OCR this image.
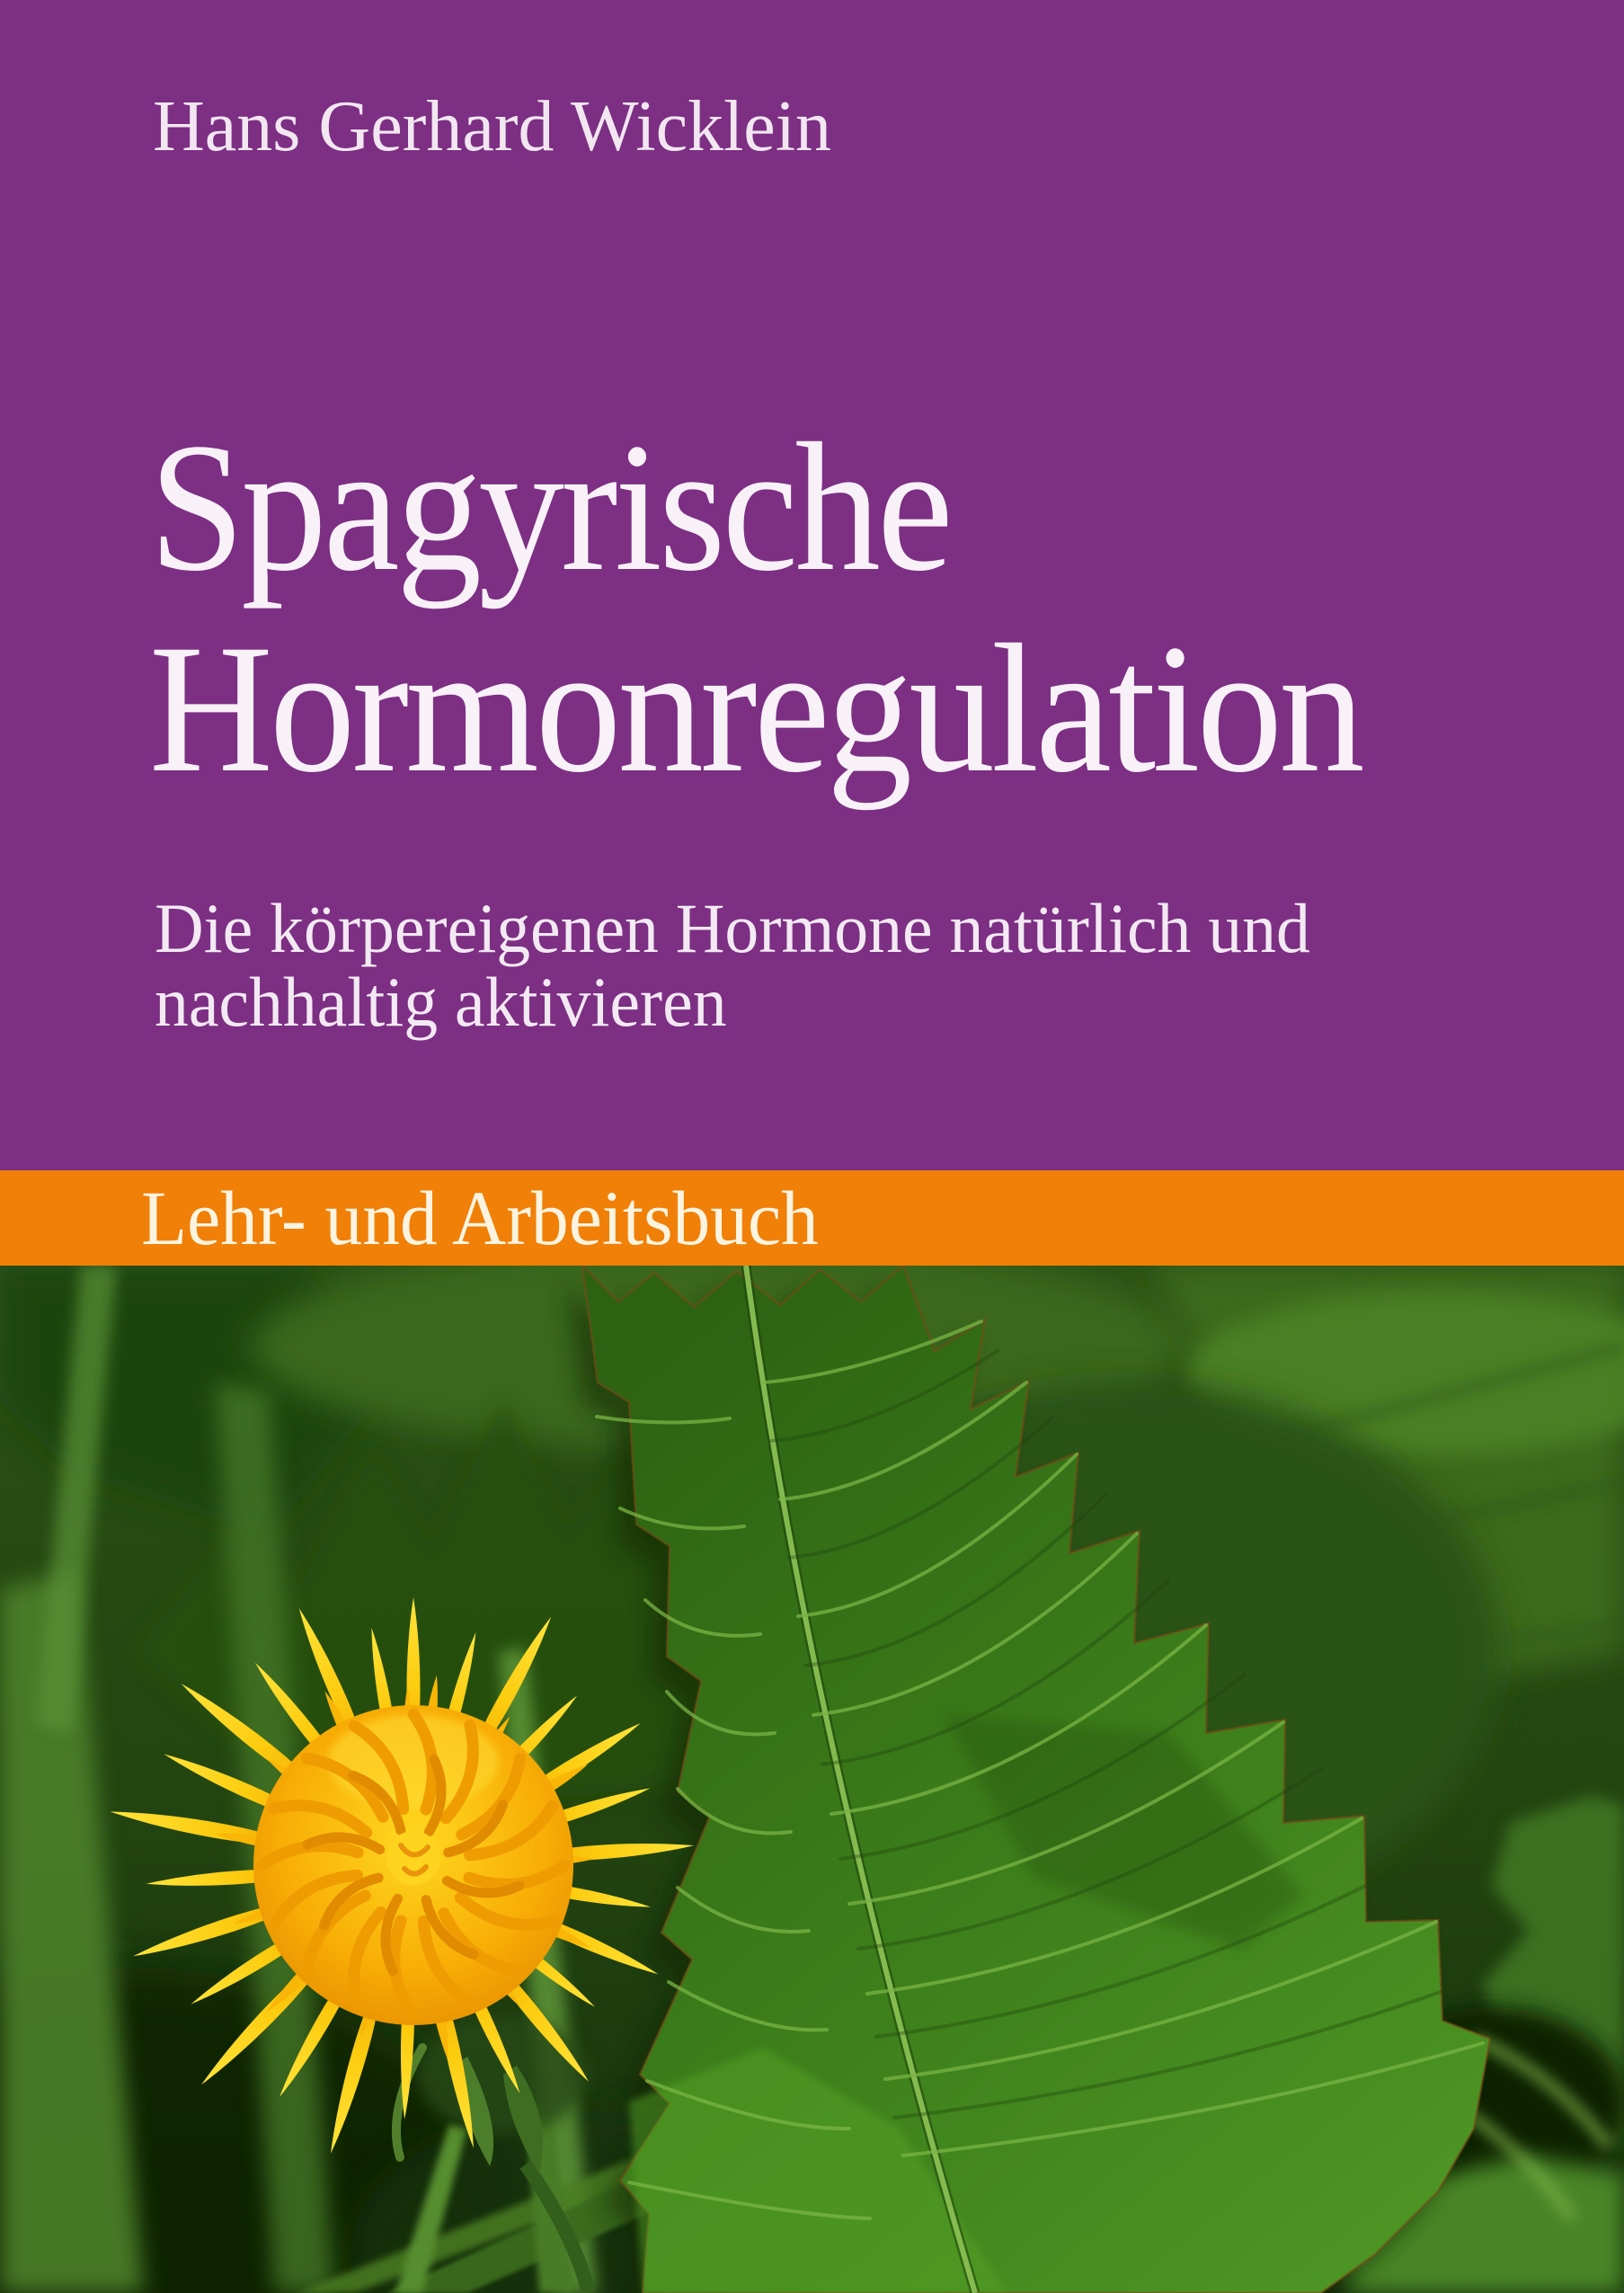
Hans Gerhard Wicklein
Spagyrische
Hormonregulation
Die körpereigenen Hormone natürlich und
nachhaltig aktivieren
Lehr- und Arbeitsbuch
